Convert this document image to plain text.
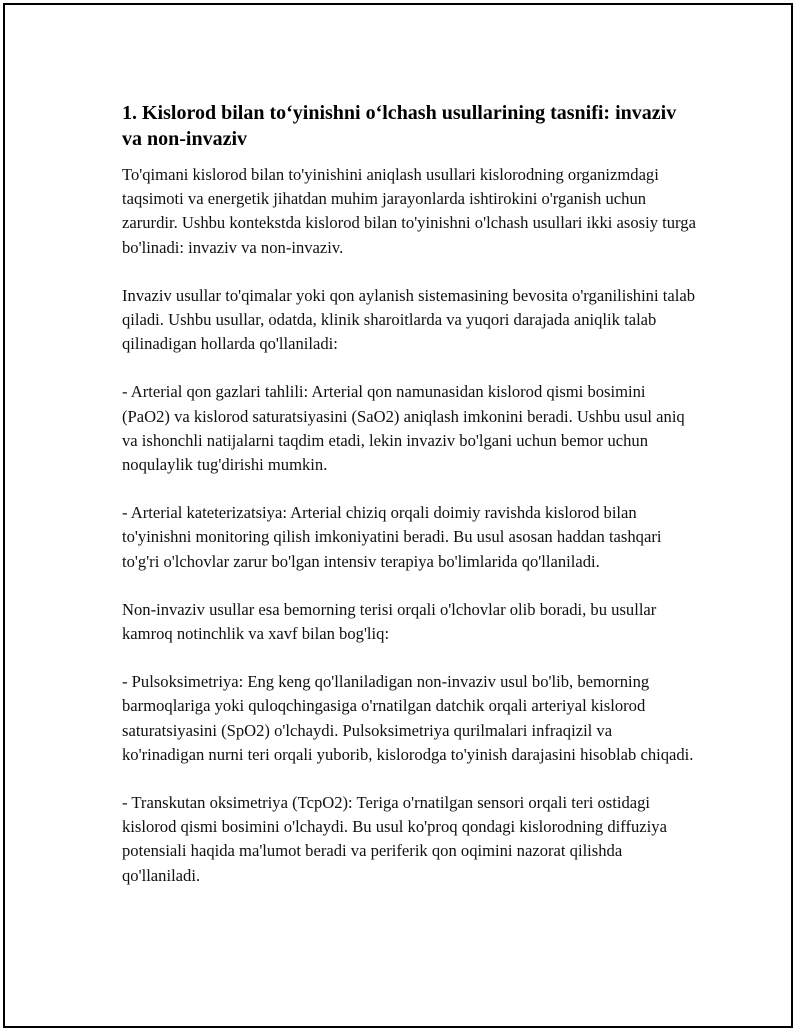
1. Kislorod bilan to‘yinishni o‘lchash usullarining tasnifi: invaziv va non-invaziv

To'qimani kislorod bilan to'yinishini aniqlash usullari kislorodning organizmdagi taqsimoti va energetik jihatdan muhim jarayonlarda ishtirokini o'rganish uchun zarurdir. Ushbu kontekstda kislorod bilan to'yinishni o'lchash usullari ikki asosiy turga bo'linadi: invaziv va non-invaziv.

Invaziv usullar to'qimalar yoki qon aylanish sistemasining bevosita o'rganilishini talab qiladi. Ushbu usullar, odatda, klinik sharoitlarda va yuqori darajada aniqlik talab qilinadigan hollarda qo'llaniladi:

- Arterial qon gazlari tahlili: Arterial qon namunasidan kislorod qismi bosimini (PaO2) va kislorod saturatsiyasini (SaO2) aniqlash imkonini beradi. Ushbu usul aniq va ishonchli natijalarni taqdim etadi, lekin invaziv bo'lgani uchun bemor uchun noqulaylik tug'dirishi mumkin.

- Arterial kateterizatsiya: Arterial chiziq orqali doimiy ravishda kislorod bilan to'yinishni monitoring qilish imkoniyatini beradi. Bu usul asosan haddan tashqari to'g'ri o'lchovlar zarur bo'lgan intensiv terapiya bo'limlarida qo'llaniladi.

Non-invaziv usullar esa bemorning terisi orqali o'lchovlar olib boradi, bu usullar kamroq notinchlik va xavf bilan bog'liq:

- Pulsoksimetriya: Eng keng qo'llaniladigan non-invaziv usul bo'lib, bemorning barmoqlariga yoki quloqchingasiga o'rnatilgan datchik orqali arteriyal kislorod saturatsiyasini (SpO2) o'lchaydi. Pulsoksimetriya qurilmalari infraqizil va ko'rinadigan nurni teri orqali yuborib, kislorodga to'yinish darajasini hisoblab chiqadi.

- Transkutan oksimetriya (TcpO2): Teriga o'rnatilgan sensori orqali teri ostidagi kislorod qismi bosimini o'lchaydi. Bu usul ko'proq qondagi kislorodning diffuziya potensiali haqida ma'lumot beradi va periferik qon oqimini nazorat qilishda qo'llaniladi.
